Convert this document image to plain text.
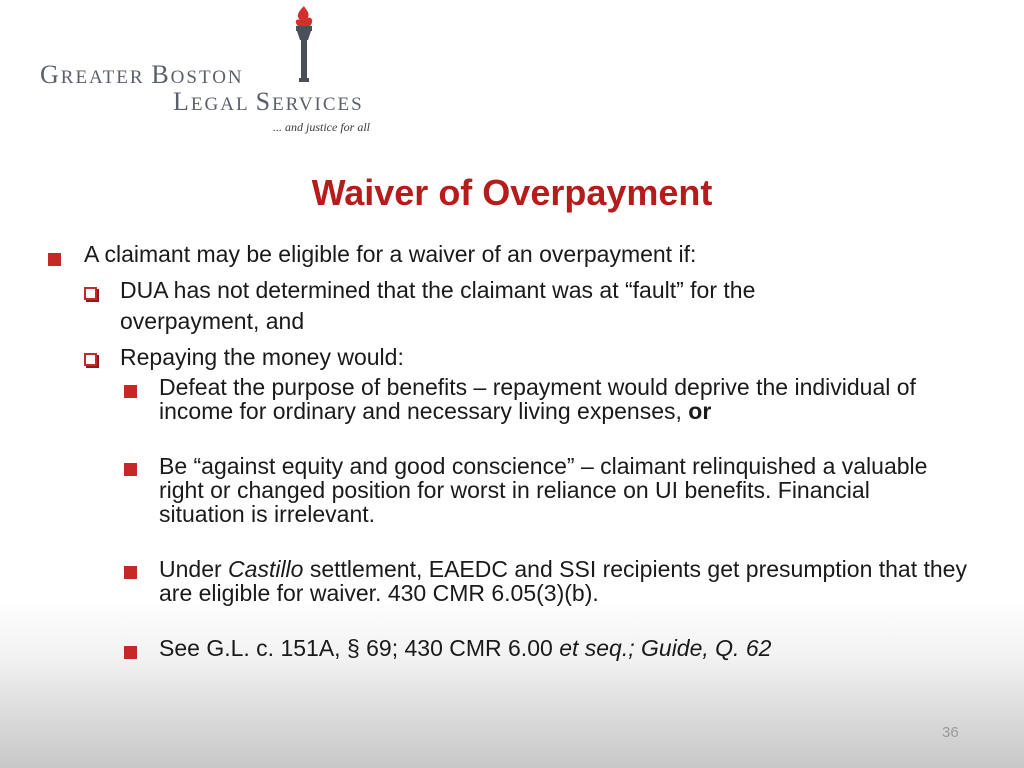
GREATER BOSTON
LEGAL SERVICES
... and justice for all
Waiver of Overpayment
A claimant may be eligible for a waiver of an overpayment if:
DUA has not determined that the claimant was at “fault” for the overpayment, and
Repaying the money would:
Defeat the purpose of benefits – repayment would deprive the individual of income for ordinary and necessary living expenses, or
Be “against equity and good conscience” – claimant relinquished a valuable right or changed position for worst in reliance on UI benefits. Financial situation is irrelevant.
Under Castillo settlement, EAEDC and SSI recipients get presumption that they are eligible for waiver. 430 CMR 6.05(3)(b).
See G.L. c. 151A, § 69; 430 CMR 6.00 et seq.; Guide, Q. 62
36
